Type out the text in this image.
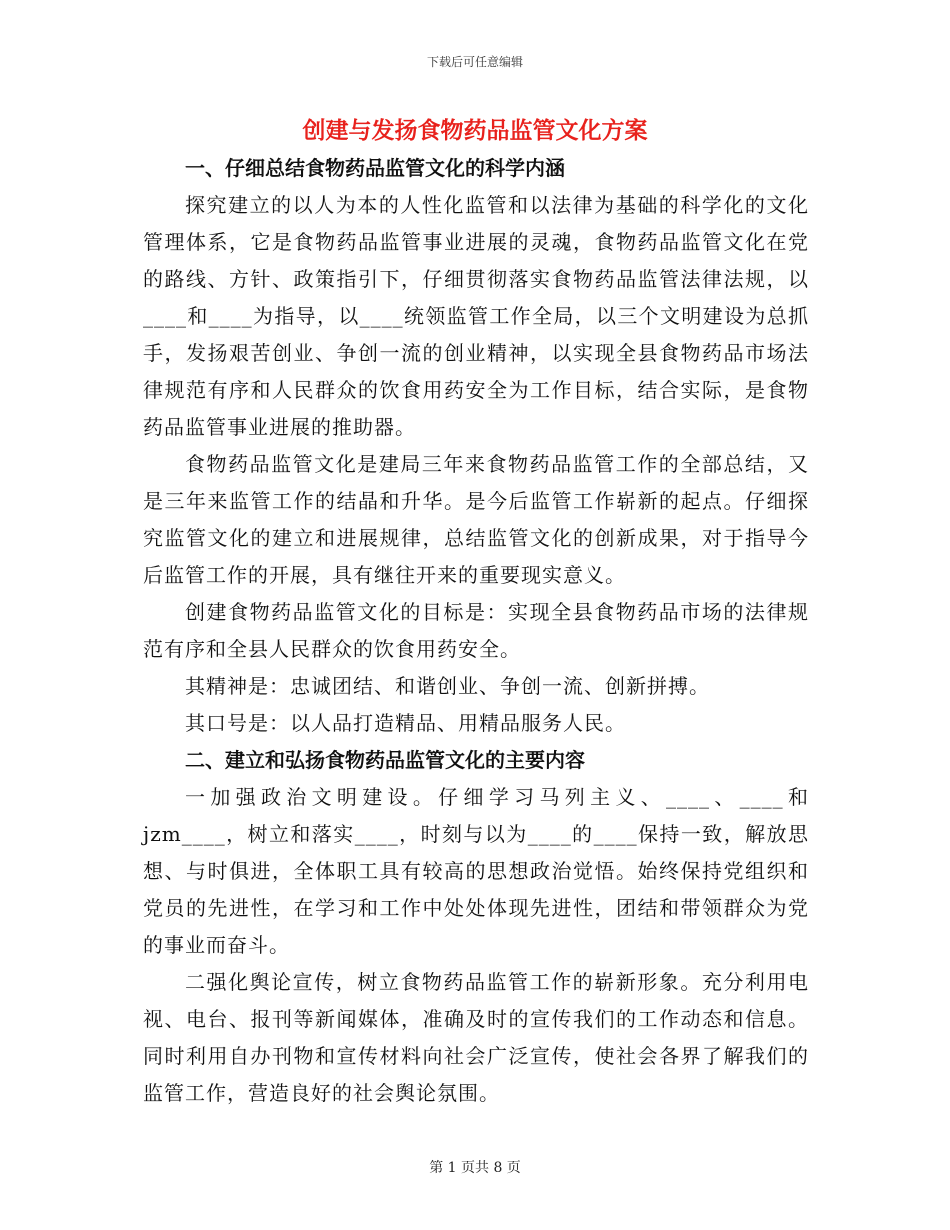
下载后可任意编辑
创建与发扬食物药品监管文化方案
一、仔细总结食物药品监管文化的科学内涵

探究建立的以人为本的人性化监管和以法律为基础的科学化的文化管理体系，它是食物药品监管事业进展的灵魂，食物药品监管文化在党的路线、方针、政策指引下，仔细贯彻落实食物药品监管法律法规，以____和____为指导，以____统领监管工作全局，以三个文明建设为总抓手，发扬艰苦创业、争创一流的创业精神，以实现全县食物药品市场法律规范有序和人民群众的饮食用药安全为工作目标，结合实际，是食物药品监管事业进展的推助器。

食物药品监管文化是建局三年来食物药品监管工作的全部总结，又是三年来监管工作的结晶和升华。是今后监管工作崭新的起点。仔细探究监管文化的建立和进展规律，总结监管文化的创新成果，对于指导今后监管工作的开展，具有继往开来的重要现实意义。

创建食物药品监管文化的目标是：实现全县食物药品市场的法律规范有序和全县人民群众的饮食用药安全。

其精神是：忠诚团结、和谐创业、争创一流、创新拼搏。

其口号是：以人品打造精品、用精品服务人民。

二、建立和弘扬食物药品监管文化的主要内容

一加强政治文明建设。仔细学习马列主义、____、____和jzm____，树立和落实____，时刻与以为____的____保持一致，解放思想、与时俱进，全体职工具有较高的思想政治觉悟。始终保持党组织和党员的先进性，在学习和工作中处处体现先进性，团结和带领群众为党的事业而奋斗。

二强化舆论宣传，树立食物药品监管工作的崭新形象。充分利用电视、电台、报刊等新闻媒体，准确及时的宣传我们的工作动态和信息。同时利用自办刊物和宣传材料向社会广泛宣传，使社会各界了解我们的监管工作，营造良好的社会舆论氛围。

第 1 页共 8 页
